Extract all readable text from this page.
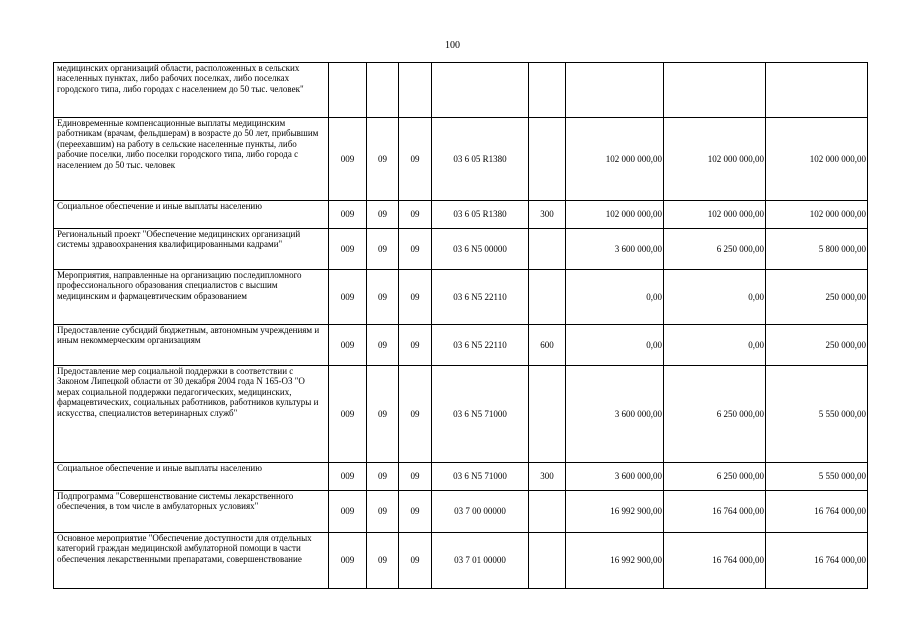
100
медицинских организаций области, расположенных в сельских населенных пунктах, либо рабочих поселках, либо поселках городского типа, либо городах с населением до 50 тыс. человек"								
Единовременные компенсационные выплаты медицинским работникам (врачам, фельдшерам) в возрасте до 50 лет, прибывшим (переехавшим) на работу в сельские населенные пункты, либо рабочие поселки, либо поселки городского типа, либо города с населением до 50 тыс. человек	009	09	09	03 6 05 R1380		102 000 000,00	102 000 000,00	102 000 000,00
Социальное обеспечение и иные выплаты населению	009	09	09	03 6 05 R1380	300	102 000 000,00	102 000 000,00	102 000 000,00
Региональный проект "Обеспечение медицинских организаций системы здравоохранения квалифицированными кадрами"	009	09	09	03 6 N5 00000		3 600 000,00	6 250 000,00	5 800 000,00
Мероприятия, направленные на организацию последипломного профессионального образования специалистов с высшим медицинским и фармацевтическим образованием	009	09	09	03 6 N5 22110		0,00	0,00	250 000,00
Предоставление субсидий бюджетным, автономным учреждениям и иным некоммерческим организациям	009	09	09	03 6 N5 22110	600	0,00	0,00	250 000,00
Предоставление мер социальной поддержки в соответствии с Законом Липецкой области от 30 декабря 2004 года N 165-ОЗ "О мерах социальной поддержки педагогических, медицинских, фармацевтических, социальных работников, работников культуры и искусства, специалистов ветеринарных служб"	009	09	09	03 6 N5 71000		3 600 000,00	6 250 000,00	5 550 000,00
Социальное обеспечение и иные выплаты населению	009	09	09	03 6 N5 71000	300	3 600 000,00	6 250 000,00	5 550 000,00
Подпрограмма "Совершенствование системы лекарственного обеспечения, в том числе в амбулаторных условиях"	009	09	09	03 7 00 00000		16 992 900,00	16 764 000,00	16 764 000,00
Основное мероприятие "Обеспечение доступности для отдельных категорий граждан медицинской амбулаторной помощи в части обеспечения лекарственными препаратами, совершенствование	009	09	09	03 7 01 00000		16 992 900,00	16 764 000,00	16 764 000,00
